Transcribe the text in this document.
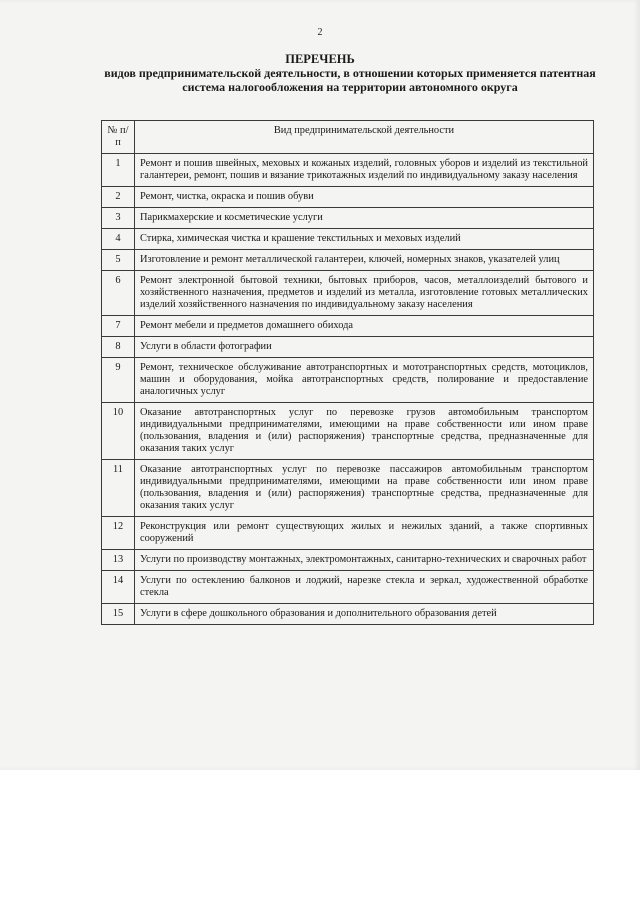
2
ПЕРЕЧЕНЬ
видов предпринимательской деятельности, в отношении которых применяется патентная система налогообложения на территории автономного округа
№ п/п	Вид предпринимательской деятельности
1	Ремонт и пошив швейных, меховых и кожаных изделий, головных уборов и изделий из текстильной галантереи, ремонт, пошив и вязание трикотажных изделий по индивидуальному заказу населения
2	Ремонт, чистка, окраска и пошив обуви
3	Парикмахерские и косметические услуги
4	Стирка, химическая чистка и крашение текстильных и меховых изделий
5	Изготовление и ремонт металлической галантереи, ключей, номерных знаков, указателей улиц
6	Ремонт электронной бытовой техники, бытовых приборов, часов, металлоизделий бытового и хозяйственного назначения, предметов и изделий из металла, изготовление готовых металлических изделий хозяйственного назначения по индивидуальному заказу населения
7	Ремонт мебели и предметов домашнего обихода
8	Услуги в области фотографии
9	Ремонт, техническое обслуживание автотранспортных и мототранспортных средств, мотоциклов, машин и оборудования, мойка автотранспортных средств, полирование и предоставление аналогичных услуг
10	Оказание автотранспортных услуг по перевозке грузов автомобильным транспортом индивидуальными предпринимателями, имеющими на праве собственности или ином праве (пользования, владения и (или) распоряжения) транспортные средства, предназначенные для оказания таких услуг
11	Оказание автотранспортных услуг по перевозке пассажиров автомобильным транспортом индивидуальными предпринимателями, имеющими на праве собственности или ином праве (пользования, владения и (или) распоряжения) транспортные средства, предназначенные для оказания таких услуг
12	Реконструкция или ремонт существующих жилых и нежилых зданий, а также спортивных сооружений
13	Услуги по производству монтажных, электромонтажных, санитарно-технических и сварочных работ
14	Услуги по остеклению балконов и лоджий, нарезке стекла и зеркал, художественной обработке стекла
15	Услуги в сфере дошкольного образования и дополнительного образования детей
